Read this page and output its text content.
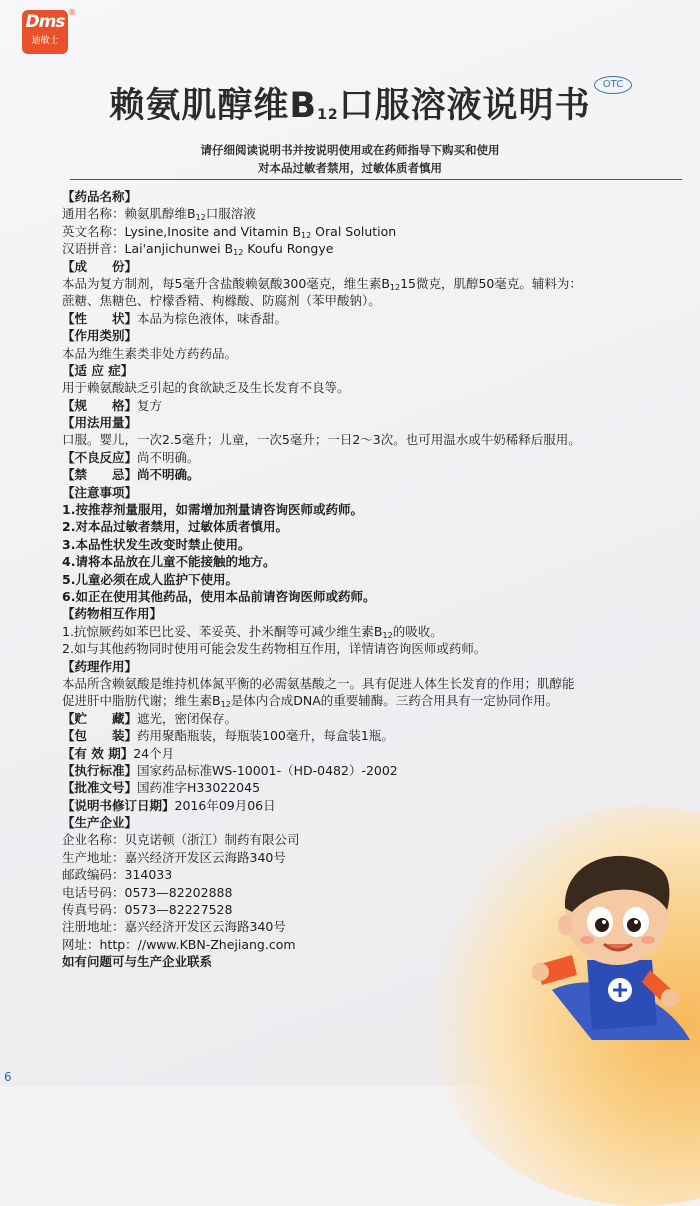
Dms
迪敏士
®
赖氨肌醇维$B_{12}$口服溶液说明书
OTC
请仔细阅读说明书并按说明使用或在药师指导下购买和使用
对本品过敏者禁用，过敏体质者慎用
【药品名称】
通用名称：赖氨肌醇维$B_{12}$口服溶液
英文名称：Lysine,Inosite and Vitamin $B_{12}$ Oral Solution
汉语拼音：Lai'anjichunwei $B_{12}$ Koufu Rongye
【成　　份】
本品为复方制剂，每5毫升含盐酸赖氨酸300毫克，维生素$B_{12}15$微克，肌醇50毫克。辅料为：
蔗糖、焦糖色、柠檬香精、枸橼酸、防腐剂（苯甲酸钠）。
【性　　状】本品为棕色液体，味香甜。
【作用类别】
本品为维生素类非处方药药品。
【适 应 症】
用于赖氨酸缺乏引起的食欲缺乏及生长发育不良等。
【规　　格】复方
【用法用量】
口服。婴儿，一次2.5毫升；儿童，一次5毫升；一日2～3次。也可用温水或牛奶稀释后服用。
【不良反应】尚不明确。
【禁　　忌】尚不明确。
【注意事项】
1.按推荐剂量服用，如需增加剂量请咨询医师或药师。
2.对本品过敏者禁用，过敏体质者慎用。
3.本品性状发生改变时禁止使用。
4.请将本品放在儿童不能接触的地方。
5.儿童必须在成人监护下使用。
6.如正在使用其他药品，使用本品前请咨询医师或药师。
【药物相互作用】
1.抗惊厥药如苯巴比妥、苯妥英、扑米酮等可减少维生素$B_{12}$的吸收。
2.如与其他药物同时使用可能会发生药物相互作用，详情请咨询医师或药师。
【药理作用】
本品所含赖氨酸是维持机体氮平衡的必需氨基酸之一。具有促进人体生长发育的作用；肌醇能
促进肝中脂肪代谢；维生素$B_{12}$是体内合成DNA的重要辅酶。三药合用具有一定协同作用。
【贮　　藏】遮光，密闭保存。
【包　　装】药用聚酯瓶装，每瓶装100毫升，每盒装1瓶。
【有 效 期】24个月
【执行标准】国家药品标准WS-10001-（HD-0482）-2002
【批准文号】国药准字H33022045
【说明书修订日期】2016年09月06日
【生产企业】
企业名称：贝克诺顿（浙江）制药有限公司
生产地址：嘉兴经济开发区云海路340号
邮政编码：314033
电话号码：0573—82202888
传真号码：0573—82227528
注册地址：嘉兴经济开发区云海路340号
网址：http：//www.KBN-Zhejiang.com
如有问题可与生产企业联系
6
